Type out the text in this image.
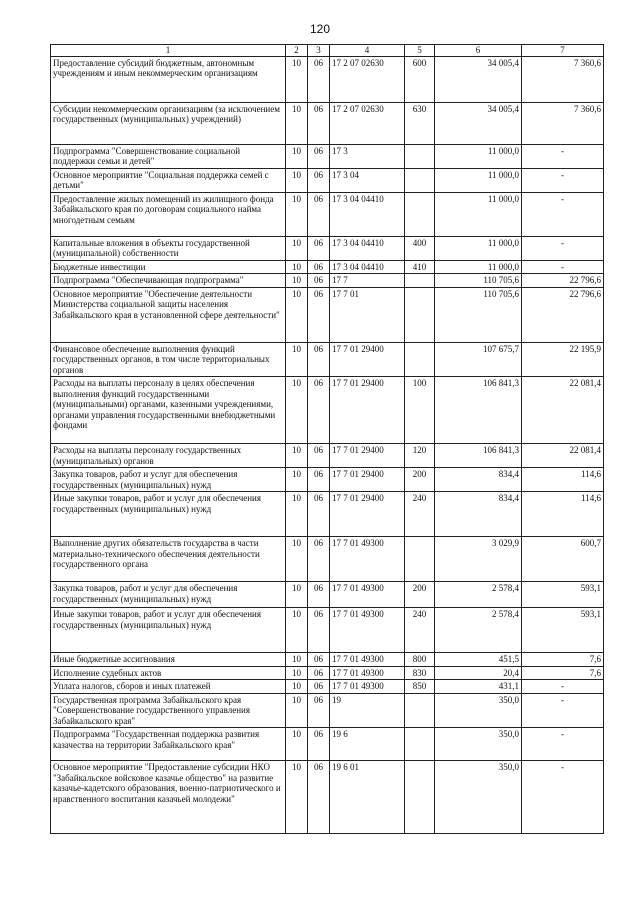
120
1	2	3	4	5	6	7
Предоставление субсидий бюджетным, автономным учреждениям и иным некоммерческим организациям	10	06	17 2 07 02630	600	34 005,4	7 360,6
Субсидии некоммерческим организациям (за исключением государственных (муниципальных) учреждений)	10	06	17 2 07 02630	630	34 005,4	7 360,6
Подпрограмма "Совершенствование социальной поддержки семьи и детей"	10	06	17 3		11 000,0	-
Основное мероприятие "Социальная поддержка семей с детьми"	10	06	17 3 04		11 000,0	-
Предоставление жилых помещений из жилищного фонда Забайкальского края по договорам социального найма многодетным семьям	10	06	17 3 04 04410		11 000,0	-
Капитальные вложения в объекты государственной (муниципальной) собственности	10	06	17 3 04 04410	400	11 000,0	-
Бюджетные инвестиции	10	06	17 3 04 04410	410	11 000,0	-
Подпрограмма "Обеспечивающая подпрограмма"	10	06	17 7		110 705,6	22 796,6
Основное мероприятие "Обеспечение деятельности Министерства социальной защиты населения Забайкальского края в установленной сфере деятельности"	10	06	17 7 01		110 705,6	22 796,6
Финансовое обеспечение выполнения функций государственных органов, в том числе территориальных органов	10	06	17 7 01 29400		107 675,7	22 195,9
Расходы на выплаты персоналу в целях обеспечения выполнения функций государственными (муниципальными) органами, казенными учреждениями, органами управления государственными внебюджетными фондами	10	06	17 7 01 29400	100	106 841,3	22 081,4
Расходы на выплаты персоналу государственных (муниципальных) органов	10	06	17 7 01 29400	120	106 841,3	22 081,4
Закупка товаров, работ и услуг для обеспечения государственных (муниципальных) нужд	10	06	17 7 01 29400	200	834,4	114,6
Иные закупки товаров, работ и услуг для обеспечения государственных (муниципальных) нужд	10	06	17 7 01 29400	240	834,4	114,6
Выполнение других обязательств государства в части материально-технического обеспечения деятельности государственного органа	10	06	17 7 01 49300		3 029,9	600,7
Закупка товаров, работ и услуг для обеспечения государственных (муниципальных) нужд	10	06	17 7 01 49300	200	2 578,4	593,1
Иные закупки товаров, работ и услуг для обеспечения государственных (муниципальных) нужд	10	06	17 7 01 49300	240	2 578,4	593,1
Иные бюджетные ассигнования	10	06	17 7 01 49300	800	451,5	7,6
Исполнение судебных актов	10	06	17 7 01 49300	830	20,4	7,6
Уплата налогов, сборов и иных платежей	10	06	17 7 01 49300	850	431,1	-
Государственная программа Забайкальского края "Совершенствование государственного управления Забайкальского края"	10	06	19		350,0	-
Подпрограмма "Государственная поддержка развития казачества на территории Забайкальского края"	10	06	19 6		350,0	-
Основное мероприятие "Предоставление субсидии НКО "Забайкальское войсковое казачье общество" на развитие казачье-кадетского образования, военно-патриотического и нравственного воспитания казачьей молодежи"	10	06	19 6 01		350,0	-
